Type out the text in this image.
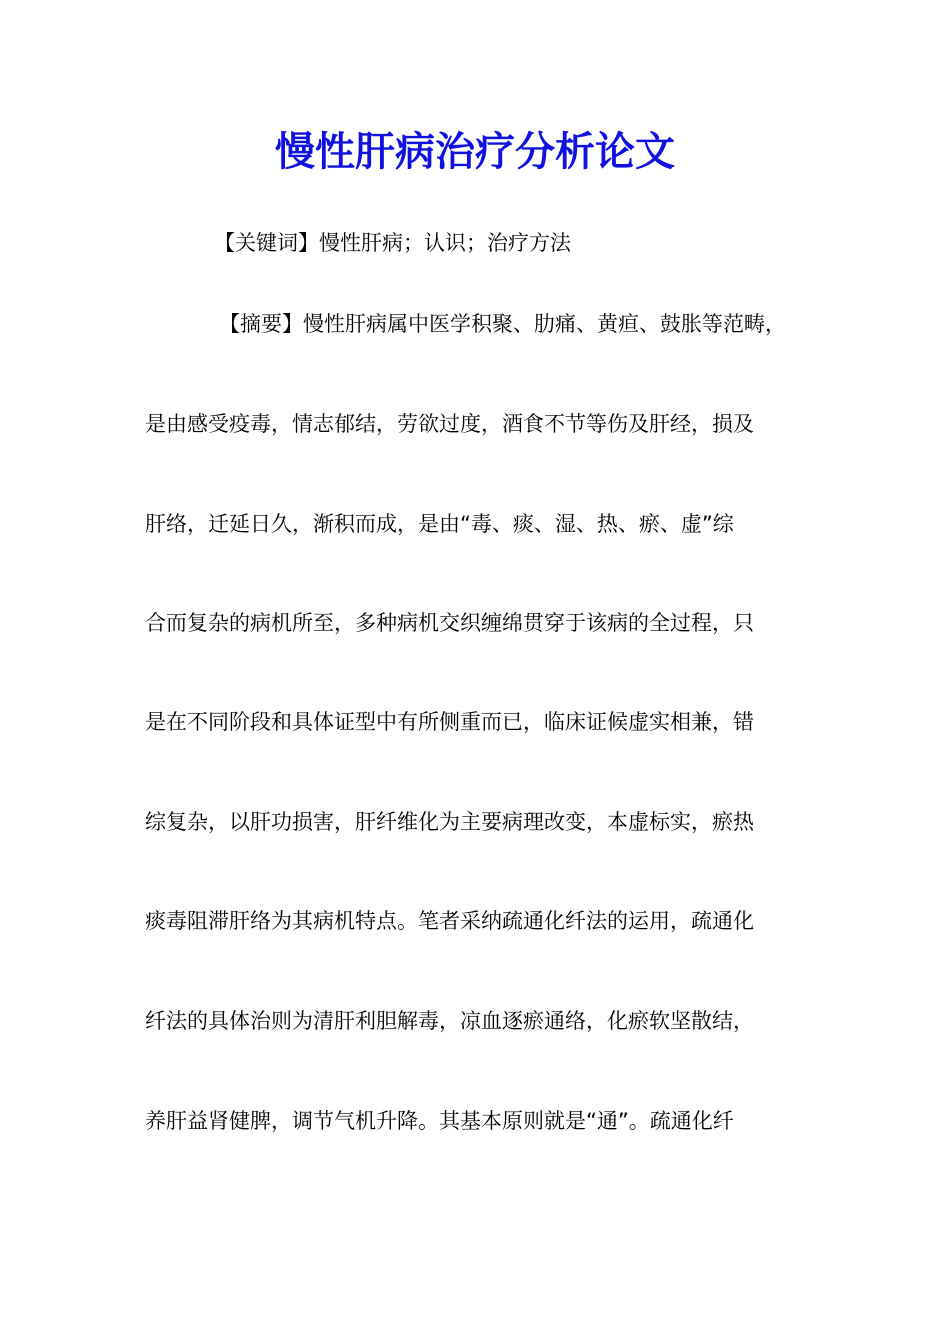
慢性肝病治疗分析论文
【关键词】慢性肝病；认识；治疗方法
【摘要】慢性肝病属中医学积聚、肋痛、黄疸、鼓胀等范畴，
是由感受疫毒，情志郁结，劳欲过度，酒食不节等伤及肝经，损及
肝络，迁延日久，渐积而成，是由“毒、痰、湿、热、瘀、虚”综
合而复杂的病机所至，多种病机交织缠绵贯穿于该病的全过程，只
是在不同阶段和具体证型中有所侧重而已，临床证候虚实相兼，错
综复杂，以肝功损害，肝纤维化为主要病理改变，本虚标实，瘀热
痰毒阻滞肝络为其病机特点。笔者采纳疏通化纤法的运用，疏通化
纤法的具体治则为清肝利胆解毒，凉血逐瘀通络，化瘀软坚散结，
养肝益肾健脾，调节气机升降。其基本原则就是“通”。疏通化纤
